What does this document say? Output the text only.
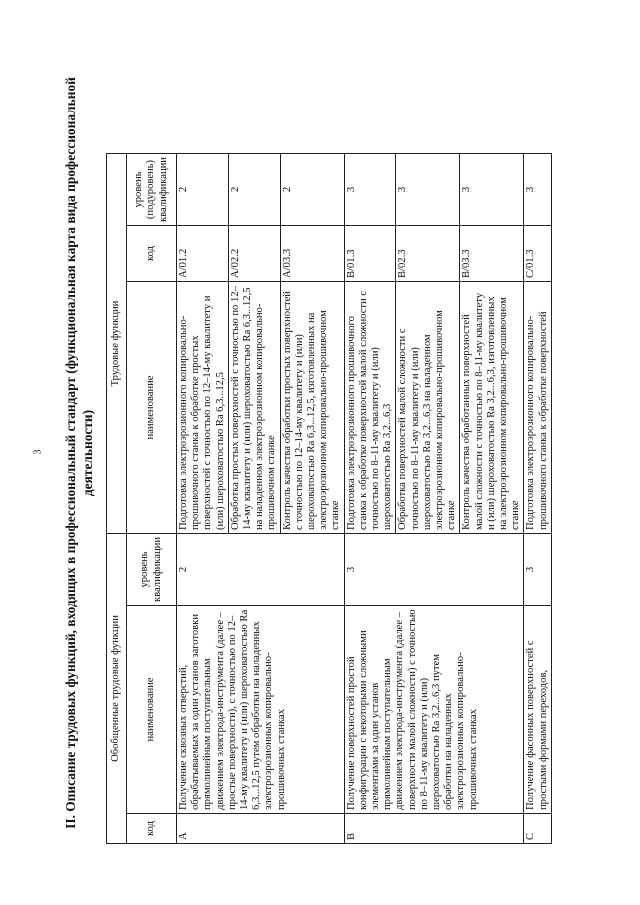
3 II. Описание трудовых функций, входящих в профессиональный стандарт (функциональная карта вида профессиональной деятельности)
Обобщенные трудовые функции			Трудовые функции		
код	наименование	уровень квалификации	наименование	код	уровень (подуровень) квалификации
А	Получение сквозных отверстий, обрабатываемых за один установ заготовки прямолинейным поступательным движением электрода-инструмента (далее – простые поверхности), с точностью по 12–14-му квалитету и (или) шероховатостью Ra 6,3...12,5 путем обработки на наладенных электроэрозионных копировально-прошивочных станках	2	Подготовка электроэрозионного копировально-прошивочного станка к обработке простых поверхностей с точностью по 12–14-му квалитету и (или) шероховатостью Ra 6,3...12,5	A/01.2	2
			Обработка простых поверхностей с точностью по 12–14-му квалитету и (или) шероховатостью Ra 6,3...12,5 на наладенном электроэрозионном копировально-прошивочном станке	A/02.2	2
			Контроль качества обработки простых поверхностей с точностью по 12–14-му квалитету и (или) шероховатостью Ra 6,3...12,5, изготовленных на электроэрозионном копировально-прошивочном станке	A/03.3	2
В	Получение поверхностей простой конфигурации с некоторыми сложными элементами за один установ прямолинейным поступательным движением электрода-инструмента (далее – поверхности малой сложности) с точностью по 8–11-му квалитету и (или) шероховатостью Ra 3,2...6,3 путем обработки на наладенных электроэрозионных копировально-прошивочных станках	3	Подготовка электроэрозионного прошивочного станка к обработке поверхностей малой сложности с точностью по 8–11-му квалитету и (или) шероховатостью Ra 3,2...6,3	B/01.3	3
			Обработка поверхностей малой сложности с точностью по 8–11-му квалитету и (или) шероховатостью Ra 3,2...6,3 на наладенном электроэрозионном копировально-прошивочном станке	B/02.3	3
			Контроль качества обработанных поверхностей малой сложности с точностью по 8–11-му квалитету и (или) шероховатостью Ra 3,2...6,3, изготовленных на электроэрозионном копировально-прошивочном станке	B/03.3	3
С	Получение фасонных поверхностей с простыми формами переходов,	3	Подготовка электроэрозионного копировально-прошивочного станка к обработке поверхностей	C/01.3	3
